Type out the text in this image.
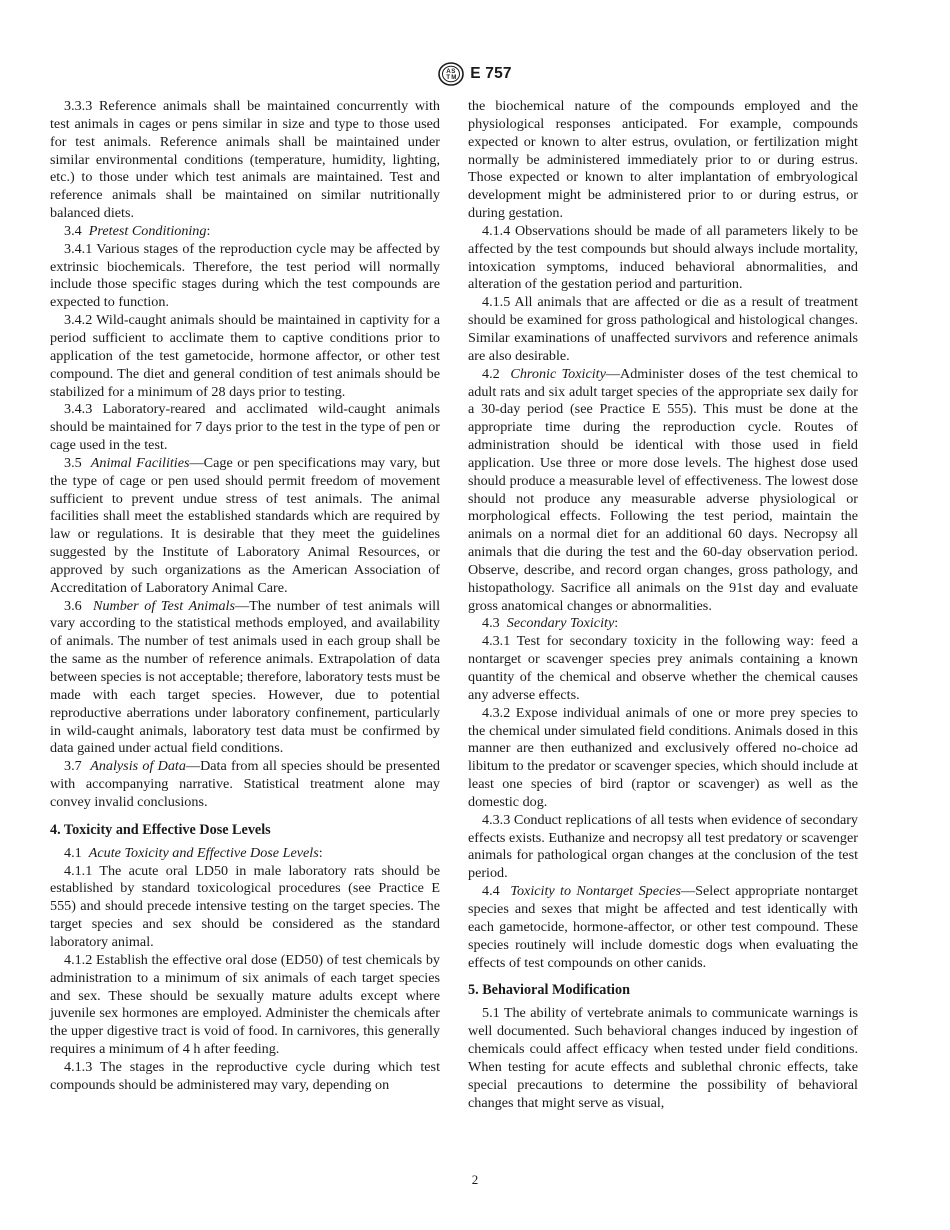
A S
T M E 757

3.3.3 Reference animals shall be maintained concurrently with test animals in cages or pens similar in size and type to those used for test animals. Reference animals shall be maintained under similar environmental conditions (temperature, humidity, lighting, etc.) to those under which test animals are maintained. Test and reference animals shall be maintained on similar nutritionally balanced diets.

3.4  Pretest Conditioning:

3.4.1 Various stages of the reproduction cycle may be affected by extrinsic biochemicals. Therefore, the test period will normally include those specific stages during which the test compounds are expected to function.

3.4.2 Wild-caught animals should be maintained in captivity for a period sufficient to acclimate them to captive conditions prior to application of the test gametocide, hormone affector, or other test compound. The diet and general condition of test animals should be stabilized for a minimum of 28 days prior to testing.

3.4.3 Laboratory-reared and acclimated wild-caught animals should be maintained for 7 days prior to the test in the type of pen or cage used in the test.

3.5  Animal Facilities—Cage or pen specifications may vary, but the type of cage or pen used should permit freedom of movement sufficient to prevent undue stress of test animals. The animal facilities shall meet the established standards which are required by law or regulations. It is desirable that they meet the guidelines suggested by the Institute of Laboratory Animal Resources, or approved by such organizations as the American Association of Accreditation of Laboratory Animal Care.

3.6  Number of Test Animals—The number of test animals will vary according to the statistical methods employed, and availability of animals. The number of test animals used in each group shall be the same as the number of reference animals. Extrapolation of data between species is not acceptable; therefore, laboratory tests must be made with each target species. However, due to potential reproductive aberrations under laboratory confinement, particularly in wild-caught animals, laboratory test data must be confirmed by data gained under actual field conditions.

3.7  Analysis of Data—Data from all species should be presented with accompanying narrative. Statistical treatment alone may convey invalid conclusions.

4. Toxicity and Effective Dose Levels

4.1  Acute Toxicity and Effective Dose Levels:

4.1.1 The acute oral LD50 in male laboratory rats should be established by standard toxicological procedures (see Practice E 555) and should precede intensive testing on the target species. The target species and sex should be considered as the standard laboratory animal.

4.1.2 Establish the effective oral dose (ED50) of test chemicals by administration to a minimum of six animals of each target species and sex. These should be sexually mature adults except where juvenile sex hormones are employed. Administer the chemicals after the upper digestive tract is void of food. In carnivores, this generally requires a minimum of 4 h after feeding.

4.1.3 The stages in the reproductive cycle during which test compounds should be administered may vary, depending on

the biochemical nature of the compounds employed and the physiological responses anticipated. For example, compounds expected or known to alter estrus, ovulation, or fertilization might normally be administered immediately prior to or during estrus. Those expected or known to alter implantation of embryological development might be administered prior to or during estrus, or during gestation.

4.1.4 Observations should be made of all parameters likely to be affected by the test compounds but should always include mortality, intoxication symptoms, induced behavioral abnormalities, and alteration of the gestation period and parturition.

4.1.5 All animals that are affected or die as a result of treatment should be examined for gross pathological and histological changes. Similar examinations of unaffected survivors and reference animals are also desirable.

4.2  Chronic Toxicity—Administer doses of the test chemical to adult rats and six adult target species of the appropriate sex daily for a 30-day period (see Practice E 555). This must be done at the appropriate time during the reproduction cycle. Routes of administration should be identical with those used in field application. Use three or more dose levels. The highest dose used should produce a measurable level of effectiveness. The lowest dose should not produce any measurable adverse physiological or morphological effects. Following the test period, maintain the animals on a normal diet for an additional 60 days. Necropsy all animals that die during the test and the 60-day observation period. Observe, describe, and record organ changes, gross pathology, and histopathology. Sacrifice all animals on the 91st day and evaluate gross anatomical changes or abnormalities.

4.3  Secondary Toxicity:

4.3.1 Test for secondary toxicity in the following way: feed a nontarget or scavenger species prey animals containing a known quantity of the chemical and observe whether the chemical causes any adverse effects.

4.3.2 Expose individual animals of one or more prey species to the chemical under simulated field conditions. Animals dosed in this manner are then euthanized and exclusively offered no-choice ad libitum to the predator or scavenger species, which should include at least one species of bird (raptor or scavenger) as well as the domestic dog.

4.3.3 Conduct replications of all tests when evidence of secondary effects exists. Euthanize and necropsy all test predatory or scavenger animals for pathological organ changes at the conclusion of the test period.

4.4  Toxicity to Nontarget Species—Select appropriate nontarget species and sexes that might be affected and test identically with each gametocide, hormone-affector, or other test compound. These species routinely will include domestic dogs when evaluating the effects of test compounds on other canids.

5. Behavioral Modification

5.1 The ability of vertebrate animals to communicate warnings is well documented. Such behavioral changes induced by ingestion of chemicals could affect efficacy when tested under field conditions. When testing for acute effects and sublethal chronic effects, take special precautions to determine the possibility of behavioral changes that might serve as visual,

2
